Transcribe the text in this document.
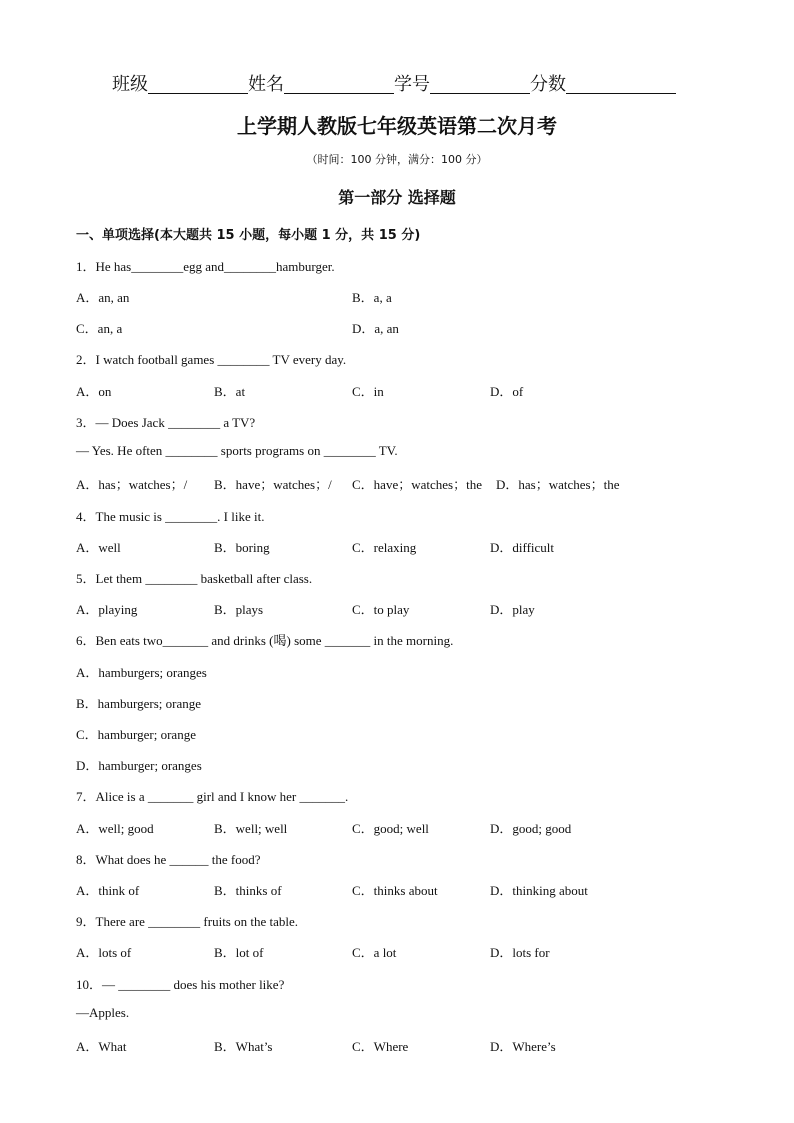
班级	姓名	学号	分数
上学期人教版七年级英语第二次月考
（时间：100 分钟，满分：100 分）
第一部分 选择题
一、单项选择(本大题共 15 小题，每小题 1 分，共 15 分)
1．He has________egg and________hamburger.
A．an, an	B．a, a
C．an, a	D．a, an
2．I watch football games ________ TV every day.
A．on	B．at	C．in	D．of
3．— Does Jack ________ a TV?
— Yes. He often ________ sports programs on ________ TV.
A．has；watches；/ B．have；watches；/ C．have；watches；the D．has；watches；the
4．The music is ________. I like it.
A．well	B．boring	C．relaxing	D．difficult
5．Let them ________ basketball after class.
A．playing	B．plays	C．to play	D．play
6．Ben eats two_______ and drinks (喝) some _______ in the morning.
A．hamburgers; oranges
B．hamburgers; orange
C．hamburger; orange
D．hamburger; oranges
7．Alice is a _______ girl and I know her _______.
A．well; good	B．well; well	C．good; well	D．good; good
8．What does he ______ the food?
A．think of	B．thinks of	C．thinks about	D．thinking about
9．There are ________ fruits on the table.
A．lots of	B．lot of	C．a lot	D．lots for
10．— ________ does his mother like?
—Apples.
A．What	B．What’s	C．Where	D．Where’s
